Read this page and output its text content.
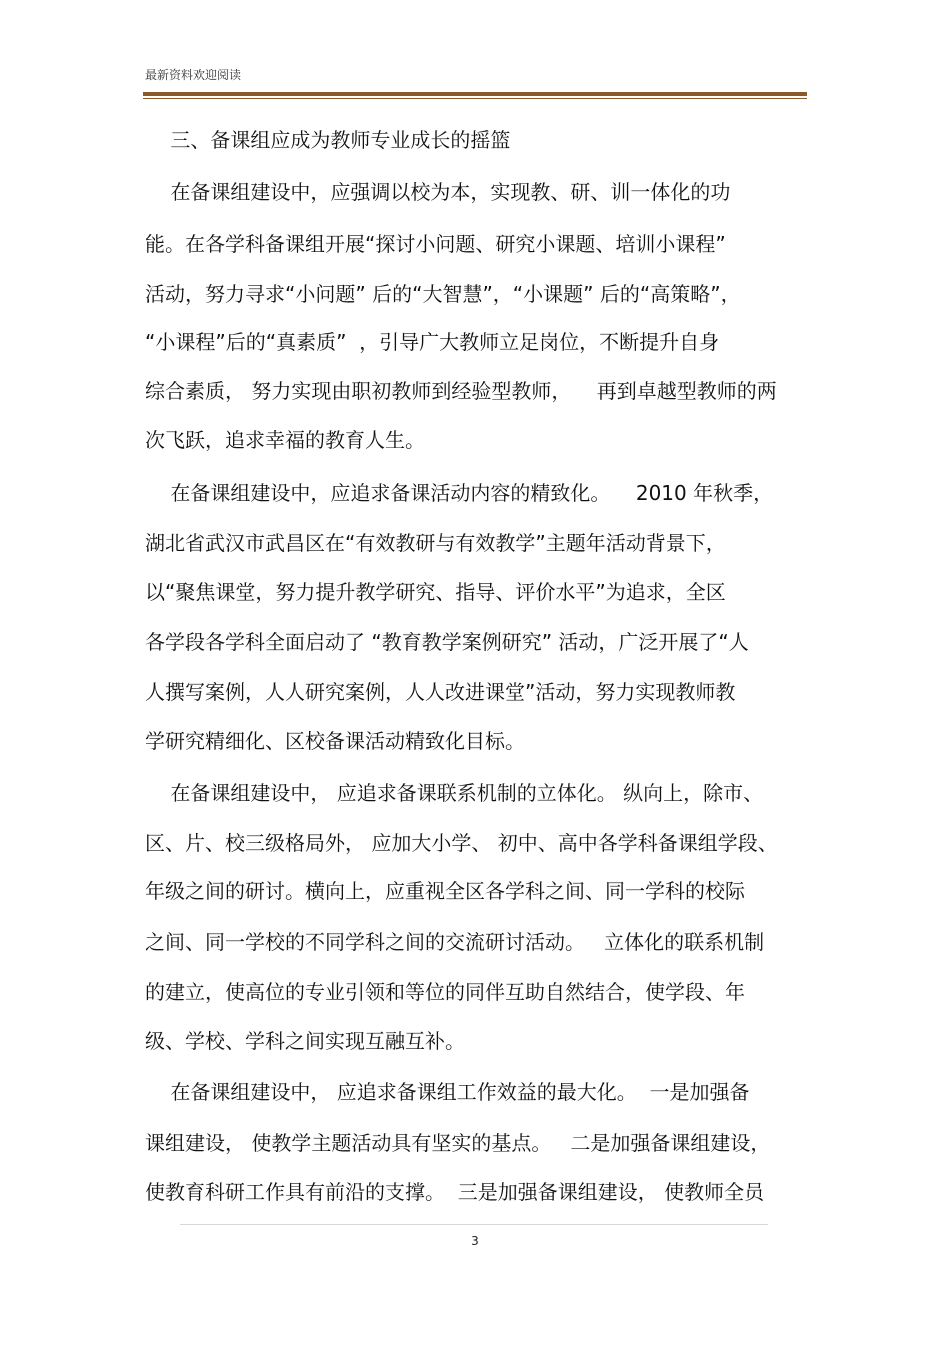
最新资料欢迎阅读
三、备课组应成为教师专业成长的摇篮
在备课组建设中，应强调以校为本，实现教、研、训一体化的功
能。在各学科备课组开展“探讨小问题、研究小课题、培训小课程”
活动，努力寻求“小问题” 后的“大智慧”，“小课题” 后的“高策略”，
“小课程”后的“真素质”  ，引导广大教师立足岗位，不断提升自身
综合素质， 努力实现由职初教师到经验型教师，    再到卓越型教师的两
次飞跃，追求幸福的教育人生。
在备课组建设中，应追求备课活动内容的精致化。    2010 年秋季，
湖北省武汉市武昌区在“有效教研与有效教学”主题年活动背景下，
以“聚焦课堂，努力提升教学研究、指导、评价水平”为追求，全区
各学段各学科全面启动了 “教育教学案例研究” 活动，广泛开展了“人
人撰写案例，人人研究案例，人人改进课堂”活动，努力实现教师教
学研究精细化、区校备课活动精致化目标。
在备课组建设中， 应追求备课联系机制的立体化。 纵向上，除市、
区、片、校三级格局外， 应加大小学、 初中、高中各学科备课组学段、
年级之间的研讨。横向上，应重视全区各学科之间、同一学科的校际
之间、同一学校的不同学科之间的交流研讨活动。   立体化的联系机制
的建立，使高位的专业引领和等位的同伴互助自然结合，使学段、年
级、学校、学科之间实现互融互补。
在备课组建设中， 应追求备课组工作效益的最大化。  一是加强备
课组建设， 使教学主题活动具有坚实的基点。   二是加强备课组建设，
使教育科研工作具有前沿的支撑。  三是加强备课组建设， 使教师全员
3
